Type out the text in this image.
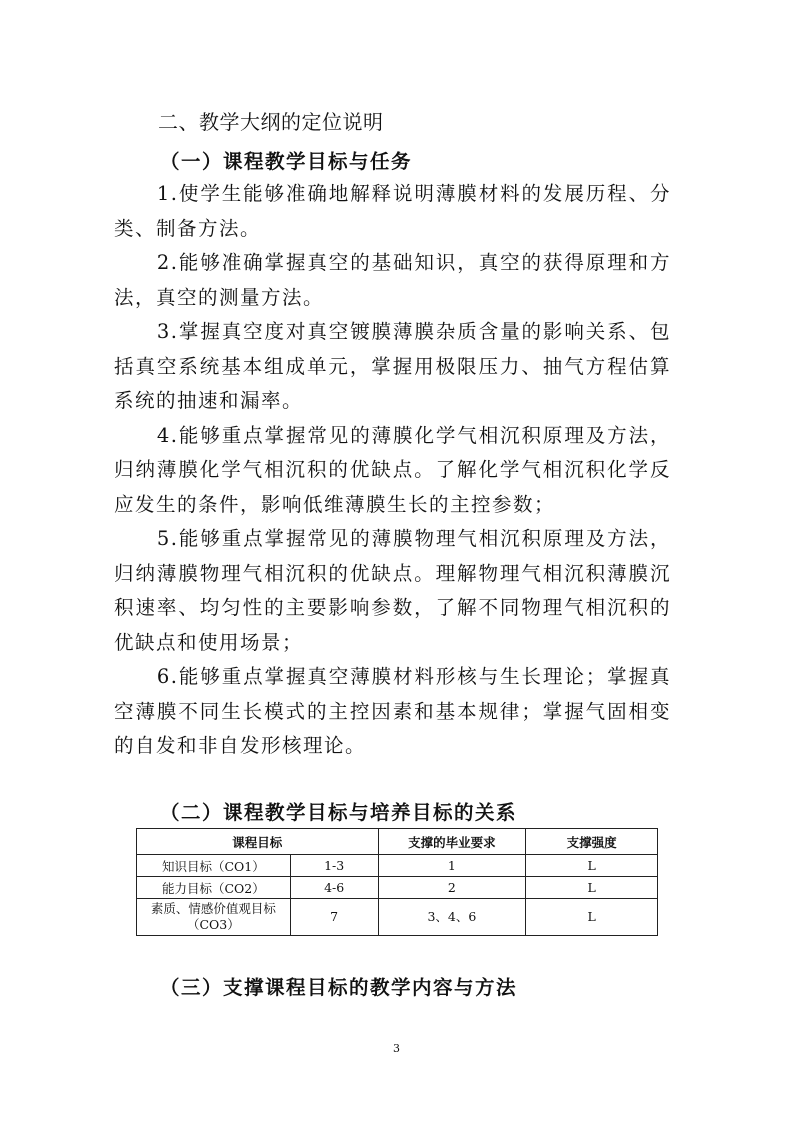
二、教学大纲的定位说明
（一）课程教学目标与任务

1.使学生能够准确地解释说明薄膜材料的发展历程、分类、制备方法。

2.能够准确掌握真空的基础知识，真空的获得原理和方法，真空的测量方法。

3.掌握真空度对真空镀膜薄膜杂质含量的影响关系、包括真空系统基本组成单元，掌握用极限压力、抽气方程估算系统的抽速和漏率。

4.能够重点掌握常见的薄膜化学气相沉积原理及方法，归纳薄膜化学气相沉积的优缺点。了解化学气相沉积化学反应发生的条件，影响低维薄膜生长的主控参数；

5.能够重点掌握常见的薄膜物理气相沉积原理及方法，归纳薄膜物理气相沉积的优缺点。理解物理气相沉积薄膜沉积速率、均匀性的主要影响参数，了解不同物理气相沉积的优缺点和使用场景；

6.能够重点掌握真空薄膜材料形核与生长理论；掌握真空薄膜不同生长模式的主控因素和基本规律；掌握气固相变的自发和非自发形核理论。

（二）课程教学目标与培养目标的关系
课程目标		支撑的毕业要求	支撑强度
知识目标（CO1）	1-3	1	L
能力目标（CO2）	4-6	2	L
素质、情感价值观目标（CO3）	7	3、4、6	L
（三）支撑课程目标的教学内容与方法
3
